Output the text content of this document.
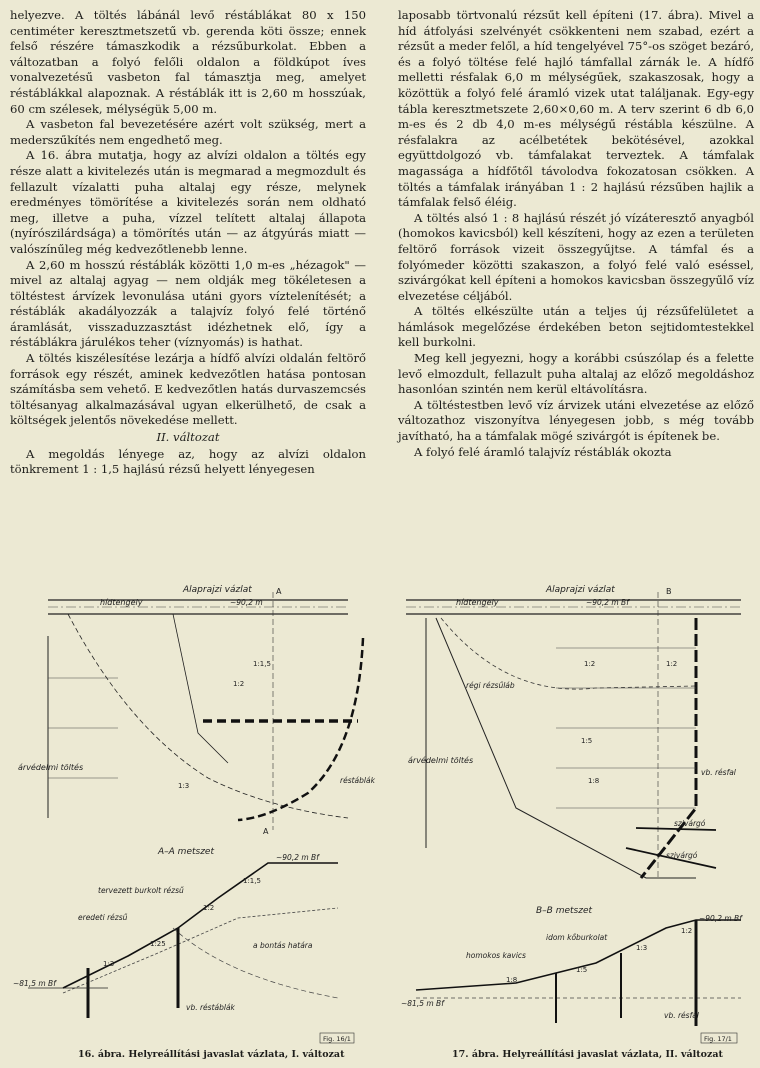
helyezve. A töltés lábánál levő réstáblákat 80 x 150 centiméter keresztmetszetű vb. gerenda köti össze; ennek felső részére támaszkodik a rézsűburkolat. Ebben a változatban a folyó felőli oldalon a földkúpot íves vonalvezetésű vasbeton fal támasztja meg, amelyet réstáblákkal alapoznak. A réstáblák itt is 2,60 m hosszúak, 60 cm szélesek, mélységük 5,00 m.

A vasbeton fal bevezetésére azért volt szükség, mert a mederszűkítés nem engedhető meg.

A 16. ábra mutatja, hogy az alvízi oldalon a töltés egy része alatt a kivitelezés után is megmarad a megmozdult és fellazult vízalatti puha altalaj egy része, melynek eredményes tömörítése a kivitelezés során nem oldható meg, illetve a puha, vízzel telített altalaj állapota (nyírószilárdsága) a tömörítés után — az átgyúrás miatt — valószínűleg még kedvezőtlenebb lenne.

A 2,60 m hosszú réstáblák közötti 1,0 m-es „hézagok" — mivel az altalaj agyag — nem oldják meg tökéletesen a töltéstest árvízek levonulása utáni gyors víztelenítését; a réstáblák akadályozzák a talajvíz folyó felé történő áramlását, visszaduzzasztást idézhetnek elő, így a réstáblákra járulékos teher (víznyomás) is hathat.

A töltés kiszélesítése lezárja a hídfő alvízi oldalán feltörő források egy részét, aminek kedvezőtlen hatása pontosan számításba sem vehető. E kedvezőtlen hatás durvaszemcsés töltésanyag alkalmazásával ugyan elkerülhető, de csak a költségek jelentős növekedése mellett.

II. változat

A megoldás lényege az, hogy az alvízi oldalon tönkrement 1 : 1,5 hajlású rézsű helyett lényegesen

laposabb törtvonalú rézsűt kell építeni (17. ábra). Mivel a híd átfolyási szelvényét csökkenteni nem szabad, ezért a rézsűt a meder felől, a híd tengelyével 75°-os szöget bezáró, és a folyó töltése felé hajló támfallal zárnák le. A hídfő melletti résfalak 6,0 m mélységűek, szakaszosak, hogy a közöttük a folyó felé áramló vizek utat találjanak. Egy-egy tábla keresztmetszete 2,60×0,60 m. A terv szerint 6 db 6,0 m-es és 2 db 4,0 m-es mélységű réstábla készülne. A résfalakra az acélbetétek bekötésével, azokkal együttdolgozó vb. támfalakat terveztek. A támfalak magassága a hídfőtől távolodva fokozatosan csökken. A töltés a támfalak irányában 1 : 2 hajlású rézsűben hajlik a támfalak felső éléig.

A töltés alsó 1 : 8 hajlású részét jó vízáteresztő anyagból (homokos kavicsból) kell készíteni, hogy az ezen a területen feltörő források vizeit összegyűjtse. A támfal és a folyómeder közötti szakaszon, a folyó felé való eséssel, szivárgókat kell építeni a homokos kavicsban összegyűlő víz elvezetése céljából.

A töltés elkészülte után a teljes új rézsűfelületet a hámlások megelőzése érdekében beton sejtidomtestekkel kell burkolni.

Meg kell jegyezni, hogy a korábbi csúszólap és a felette levő elmozdult, fellazult puha altalaj az előző megoldáshoz hasonlóan szintén nem kerül eltávolításra.

A töltéstestben levő víz árvizek utáni elvezetése az előző változathoz viszonyítva lényegesen jobb, s még tovább javítható, ha a támfalak mögé szivárgót is építenek be.

A folyó felé áramló talajvíz réstáblák okozta

Alaprajzi vázlat
hídtengely	~90,2 m
A
árvédelmi töltés
réstáblák
1:2
1:1,5
1:3
A
A–A metszet
~90,2 m Bf
tervezett burkolt rézsű
eredeti rézsű
a bontás határa
~81,5 m Bf
vb. réstáblák
1:1,5
1:2
1:25
1:3
Fig. 16/1
Alaprajzi vázlat
hídtengely	~90,2 m Bf
B
régi rézsűláb
árvédelmi töltés
vb. résfal
szivárgó
szivárgó
1:2	1:2
1:5
1:8
B–B metszet
~90,2 m Bf
idom kőburkolat
homokos kavics
~81,5 m Bf
vb. résfal
1:2
1:3
1:5
1:8
Fig. 17/1
16. ábra. Helyreállítási javaslat vázlata, I. változat	17. ábra. Helyreállítási javaslat vázlata, II. változat
